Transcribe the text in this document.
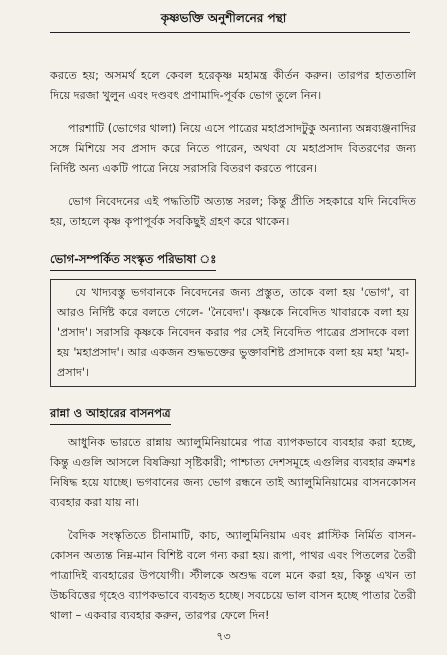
কৃষ্ণভক্তি অনুশীলনের পন্থা

করতে হয়; অসমর্থ হলে কেবল হরেকৃষ্ণ মহামন্ত্র কীর্তন করুন। তারপর হাততালি দিয়ে দরজা খুলুন এবং দণ্ডবৎ প্রণামাদি-পূর্বক ভোগ তুলে নিন।

পারশাটি (ভোগের থালা) নিয়ে এসে পাত্রের মহাপ্রসাদটুকু অন্যান্য অন্নব্যঞ্জনাদির সঙ্গে মিশিয়ে সব প্রসাদ করে নিতে পারেন, অথবা যে মহাপ্রসাদ বিতরণের জন্য নির্দিষ্ট অন্য একটি পাত্রে নিয়ে সরাসরি বিতরণ করতে পারেন।

ভোগ নিবেদনের এই পদ্ধতিটি অত্যন্ত সরল; কিন্তু প্রীতি সহকারে যদি নিবেদিত হয়, তাহলে কৃষ্ণ কৃপাপূর্বক সবকিছুই গ্রহণ করে থাকেন।

ভোগ-সম্পর্কিত সংস্কৃত পরিভাষা ঃ

যে খাদ্যবস্তু ভগবানকে নিবেদনের জন্য প্রস্তুত, তাকে বলা হয় 'ভোগ', বা আরও নির্দিষ্ট করে বলতে গেলে- 'নৈবেদ্য'। কৃষ্ণকে নিবেদিত খাবারকে বলা হয় 'প্রসাদ'। সরাসরি কৃষ্ণকে নিবেদন করার পর সেই নিবেদিত পাত্রের প্রসাদকে বলা হয় 'মহাপ্রসাদ'। আর একজন শুদ্ধভক্তের ভুক্তাবশিষ্ট প্রসাদকে বলা হয় মহা 'মহা-প্রসাদ'।

রান্না ও আহারের বাসনপত্র

আধুনিক ভারতে রান্নায় অ্যালুমিনিয়ামের পাত্র ব্যাপকভাবে ব্যবহার করা হচ্ছে, কিন্তু এগুলি আসলে বিষক্রিয়া সৃষ্টিকারী; পাশ্চাত্য দেশসমূহে এগুলির ব্যবহার ক্রমশঃ নিষিদ্ধ হয়ে যাচ্ছে। ভগবানের জন্য ভোগ রন্ধনে তাই অ্যালুমিনিয়ামের বাসনকোসন ব্যবহার করা যায় না।

বৈদিক সংস্কৃতিতে চীনামাটি, কাচ, অ্যালুমিনিয়াম এবং প্লাস্টিক নির্মিত বাসন-কোসন অত্যন্ত নিম্ন-মান বিশিষ্ট বলে গন্য করা হয়। রূপা, পাথর এবং পিতলের তৈরী পাত্রাদিই ব্যবহারের উপযোগী। স্টীলকে অশুদ্ধ বলে মনে করা হয়, কিন্তু এখন তা উচ্চবিত্তের গৃহেও ব্যাপকভাবে ব্যবহৃত হচ্ছে। সবচেয়ে ভাল বাসন হচ্ছে পাতার তৈরী থালা – একবার ব্যবহার করুন, তারপর ফেলে দিন!

৭৩
